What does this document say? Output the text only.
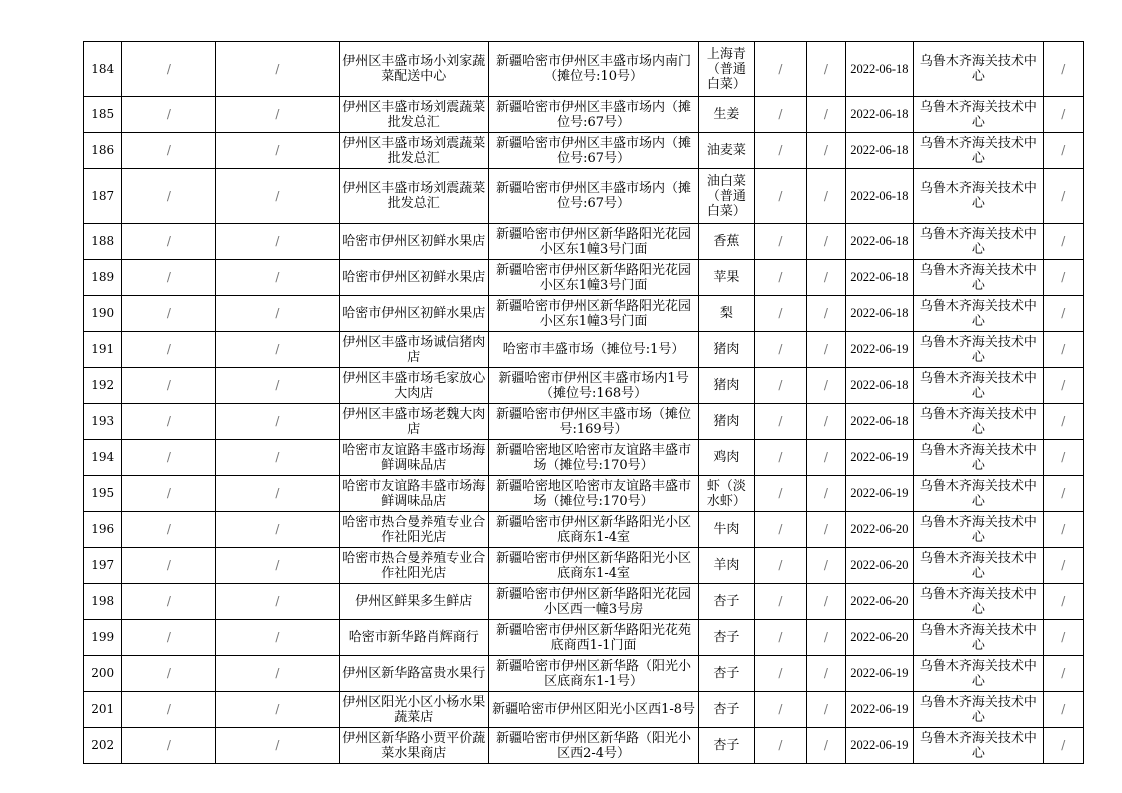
184	/	/	伊州区丰盛市场小刘家蔬菜配送中心	新疆哈密市伊州区丰盛市场内南门（摊位号:10号）	上海青（普通白菜）	/	/	2022-06-18	乌鲁木齐海关技术中心	/
185	/	/	伊州区丰盛市场刘震蔬菜批发总汇	新疆哈密市伊州区丰盛市场内（摊位号:67号）	生姜	/	/	2022-06-18	乌鲁木齐海关技术中心	/
186	/	/	伊州区丰盛市场刘震蔬菜批发总汇	新疆哈密市伊州区丰盛市场内（摊位号:67号）	油麦菜	/	/	2022-06-18	乌鲁木齐海关技术中心	/
187	/	/	伊州区丰盛市场刘震蔬菜批发总汇	新疆哈密市伊州区丰盛市场内（摊位号:67号）	油白菜（普通白菜）	/	/	2022-06-18	乌鲁木齐海关技术中心	/
188	/	/	哈密市伊州区初鲜水果店	新疆哈密市伊州区新华路阳光花园小区东1幢3号门面	香蕉	/	/	2022-06-18	乌鲁木齐海关技术中心	/
189	/	/	哈密市伊州区初鲜水果店	新疆哈密市伊州区新华路阳光花园小区东1幢3号门面	苹果	/	/	2022-06-18	乌鲁木齐海关技术中心	/
190	/	/	哈密市伊州区初鲜水果店	新疆哈密市伊州区新华路阳光花园小区东1幢3号门面	梨	/	/	2022-06-18	乌鲁木齐海关技术中心	/
191	/	/	伊州区丰盛市场诚信猪肉店	哈密市丰盛市场（摊位号:1号）	猪肉	/	/	2022-06-19	乌鲁木齐海关技术中心	/
192	/	/	伊州区丰盛市场毛家放心大肉店	新疆哈密市伊州区丰盛市场内1号（摊位号:168号）	猪肉	/	/	2022-06-18	乌鲁木齐海关技术中心	/
193	/	/	伊州区丰盛市场老魏大肉店	新疆哈密市伊州区丰盛市场（摊位号:169号）	猪肉	/	/	2022-06-18	乌鲁木齐海关技术中心	/
194	/	/	哈密市友谊路丰盛市场海鲜调味品店	新疆哈密地区哈密市友谊路丰盛市场（摊位号:170号）	鸡肉	/	/	2022-06-19	乌鲁木齐海关技术中心	/
195	/	/	哈密市友谊路丰盛市场海鲜调味品店	新疆哈密地区哈密市友谊路丰盛市场（摊位号:170号）	虾（淡水虾）	/	/	2022-06-19	乌鲁木齐海关技术中心	/
196	/	/	哈密市热合曼养殖专业合作社阳光店	新疆哈密市伊州区新华路阳光小区底商东1-4室	牛肉	/	/	2022-06-20	乌鲁木齐海关技术中心	/
197	/	/	哈密市热合曼养殖专业合作社阳光店	新疆哈密市伊州区新华路阳光小区底商东1-4室	羊肉	/	/	2022-06-20	乌鲁木齐海关技术中心	/
198	/	/	伊州区鲜果多生鲜店	新疆哈密市伊州区新华路阳光花园小区西一幢3号房	杏子	/	/	2022-06-20	乌鲁木齐海关技术中心	/
199	/	/	哈密市新华路肖辉商行	新疆哈密市伊州区新华路阳光花苑底商西1-1门面	杏子	/	/	2022-06-20	乌鲁木齐海关技术中心	/
200	/	/	伊州区新华路富贵水果行	新疆哈密市伊州区新华路（阳光小区底商东1-1号）	杏子	/	/	2022-06-19	乌鲁木齐海关技术中心	/
201	/	/	伊州区阳光小区小杨水果蔬菜店	新疆哈密市伊州区阳光小区西1-8号	杏子	/	/	2022-06-19	乌鲁木齐海关技术中心	/
202	/	/	伊州区新华路小贾平价蔬菜水果商店	新疆哈密市伊州区新华路（阳光小区西2-4号）	杏子	/	/	2022-06-19	乌鲁木齐海关技术中心	/
